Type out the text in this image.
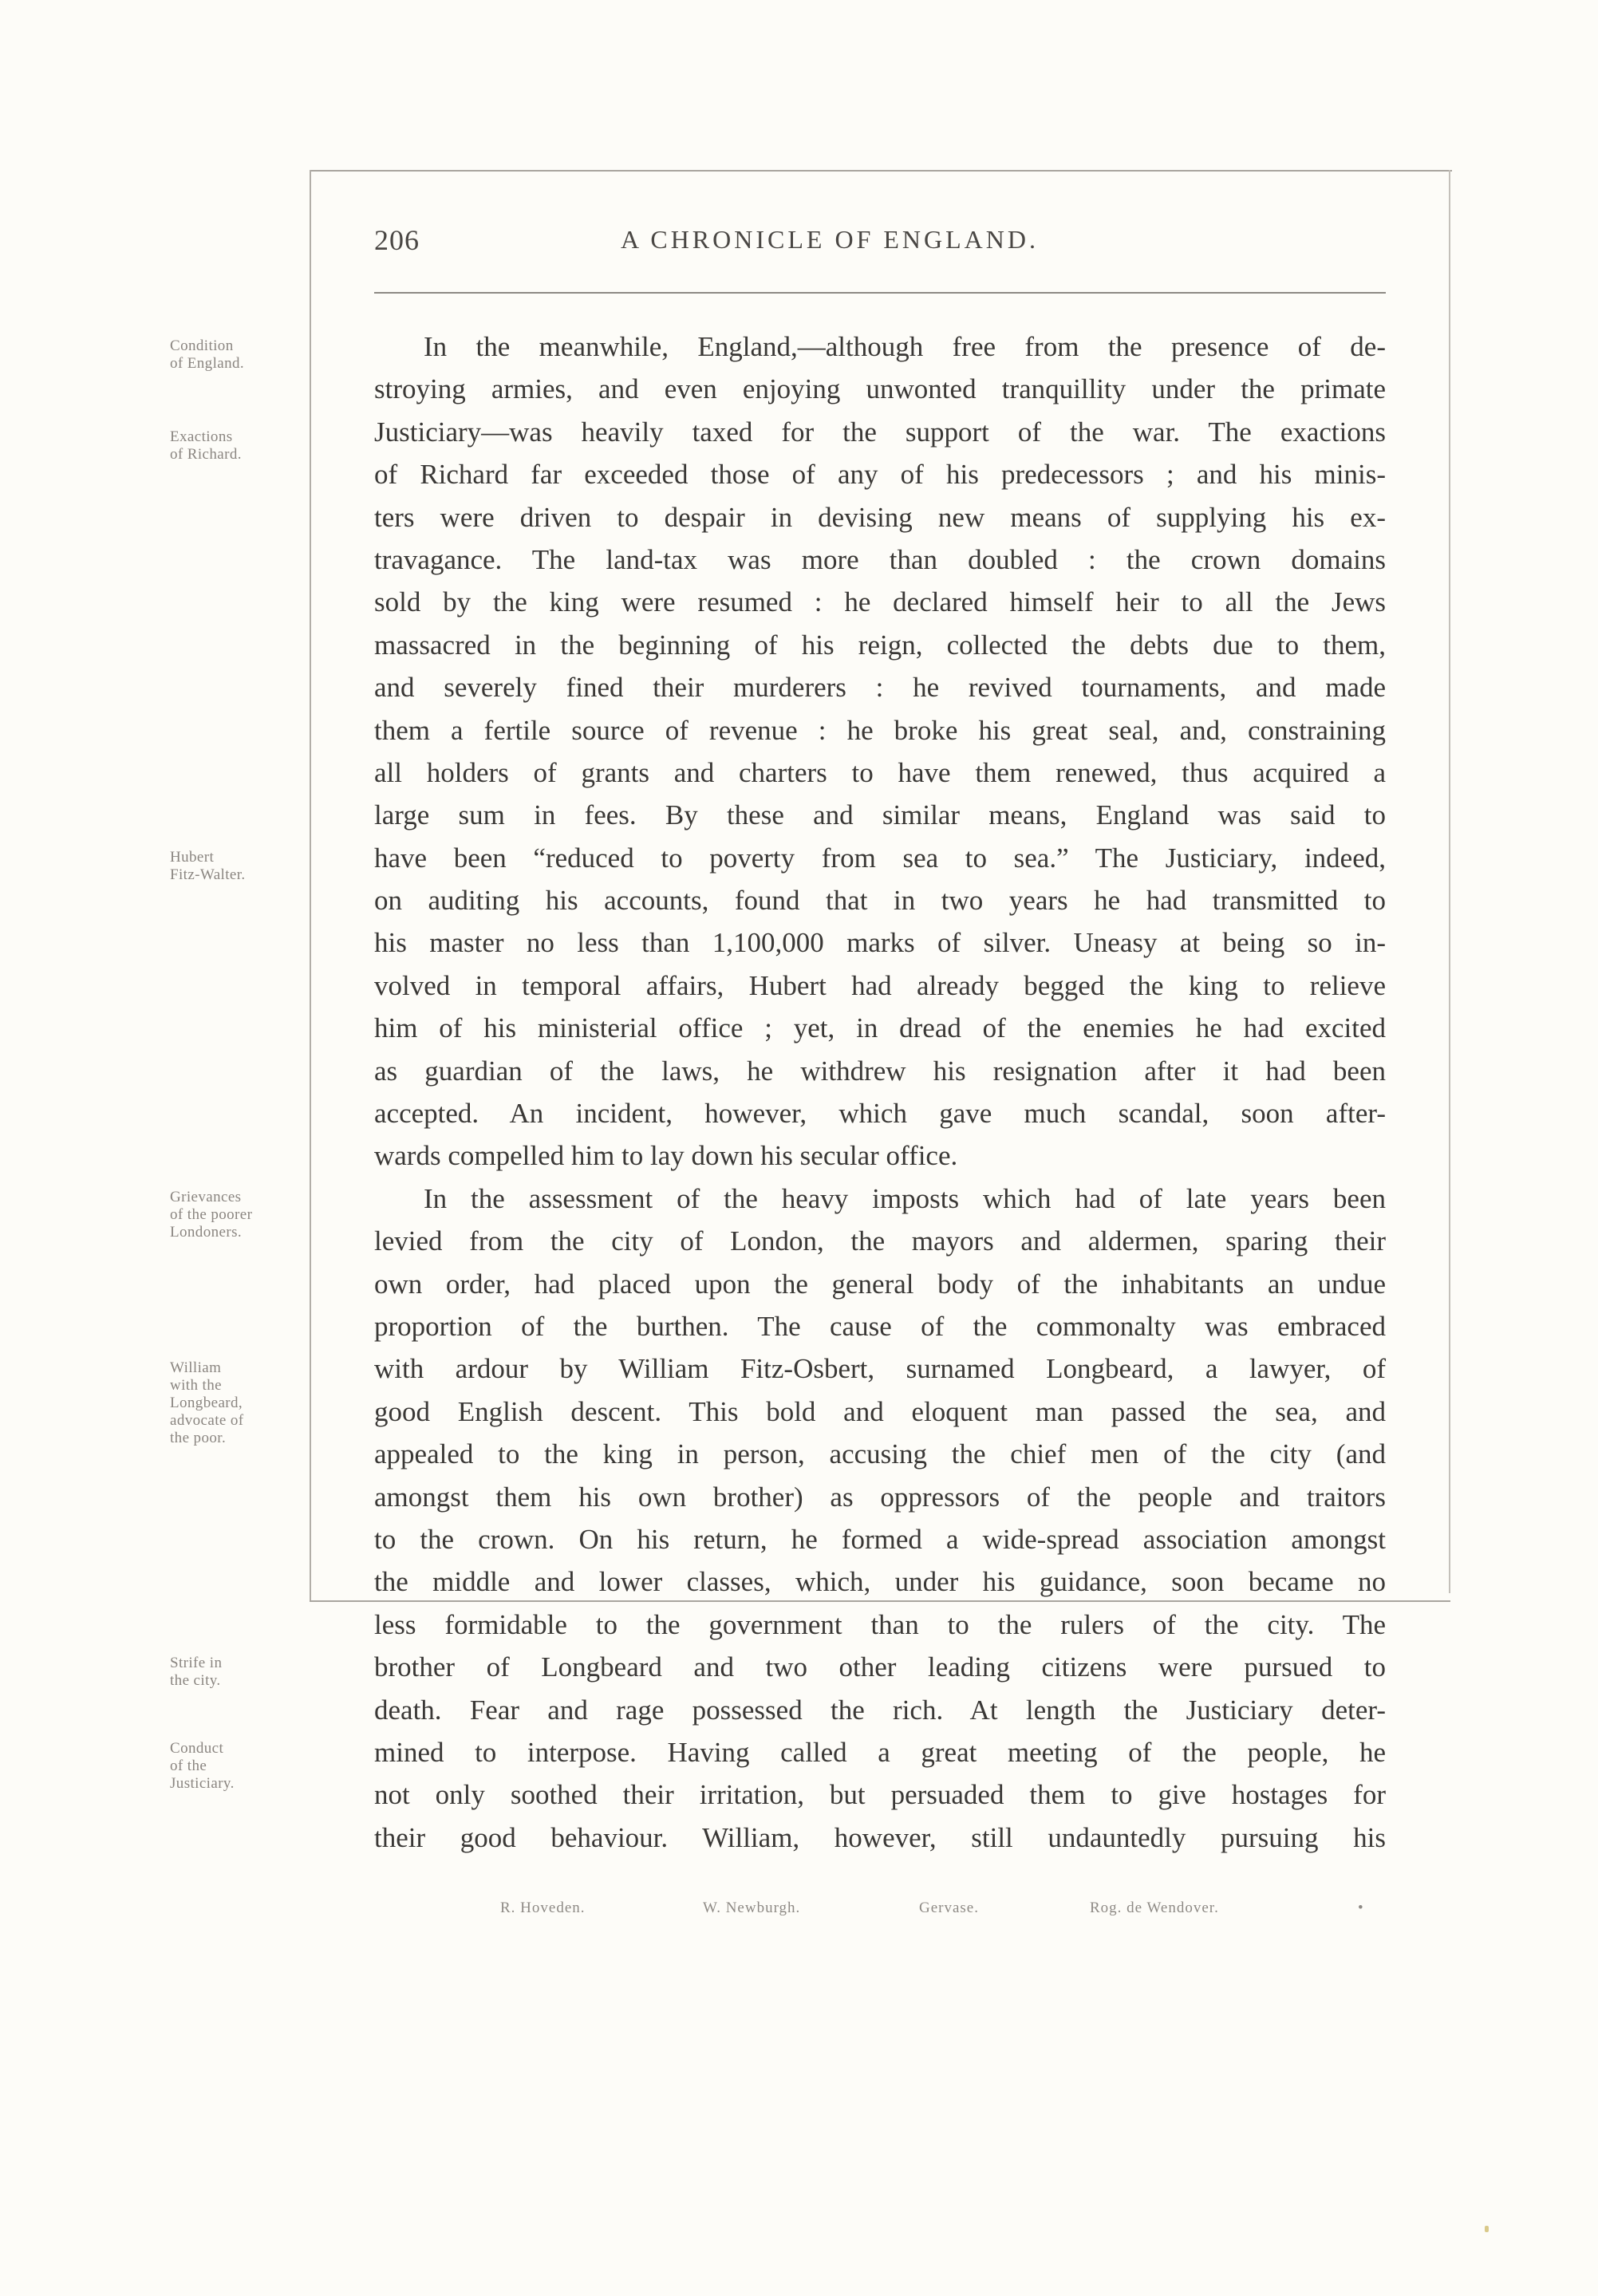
206	A CHRONICLE OF ENGLAND.
Condition
of England.
Exactions
of Richard.
Hubert
Fitz-Walter.
Grievances
of the poorer
Londoners.
William
with the
Longbeard,
advocate of
the poor.
Strife in
the city.
Conduct
of the
Justiciary.
In the meanwhile, England,—although free from the presence of de-
stroying armies, and even enjoying unwonted tranquillity under the primate
Justiciary—was heavily taxed for the support of the war. The exactions
of Richard far exceeded those of any of his predecessors ; and his minis-
ters were driven to despair in devising new means of supplying his ex-
travagance. The land-tax was more than doubled : the crown domains
sold by the king were resumed : he declared himself heir to all the Jews
massacred in the beginning of his reign, collected the debts due to them,
and severely fined their murderers : he revived tournaments, and made
them a fertile source of revenue : he broke his great seal, and, constraining
all holders of grants and charters to have them renewed, thus acquired a
large sum in fees. By these and similar means, England was said to
have been “reduced to poverty from sea to sea.” The Justiciary, indeed,
on auditing his accounts, found that in two years he had transmitted to
his master no less than 1,100,000 marks of silver. Uneasy at being so in-
volved in temporal affairs, Hubert had already begged the king to relieve
him of his ministerial office ; yet, in dread of the enemies he had excited
as guardian of the laws, he withdrew his resignation after it had been
accepted. An incident, however, which gave much scandal, soon after-
wards compelled him to lay down his secular office.
In the assessment of the heavy imposts which had of late years been
levied from the city of London, the mayors and aldermen, sparing their
own order, had placed upon the general body of the inhabitants an undue
proportion of the burthen. The cause of the commonalty was embraced
with ardour by William Fitz-Osbert, surnamed Longbeard, a lawyer, of
good English descent. This bold and eloquent man passed the sea, and
appealed to the king in person, accusing the chief men of the city (and
amongst them his own brother) as oppressors of the people and traitors
to the crown. On his return, he formed a wide-spread association amongst
the middle and lower classes, which, under his guidance, soon became no
less formidable to the government than to the rulers of the city. The
brother of Longbeard and two other leading citizens were pursued to
death. Fear and rage possessed the rich. At length the Justiciary deter-
mined to interpose. Having called a great meeting of the people, he
not only soothed their irritation, but persuaded them to give hostages for
their good behaviour. William, however, still undauntedly pursuing his
R. Hoveden.	W. Newburgh.	Gervase.	Rog. de Wendover.	•
